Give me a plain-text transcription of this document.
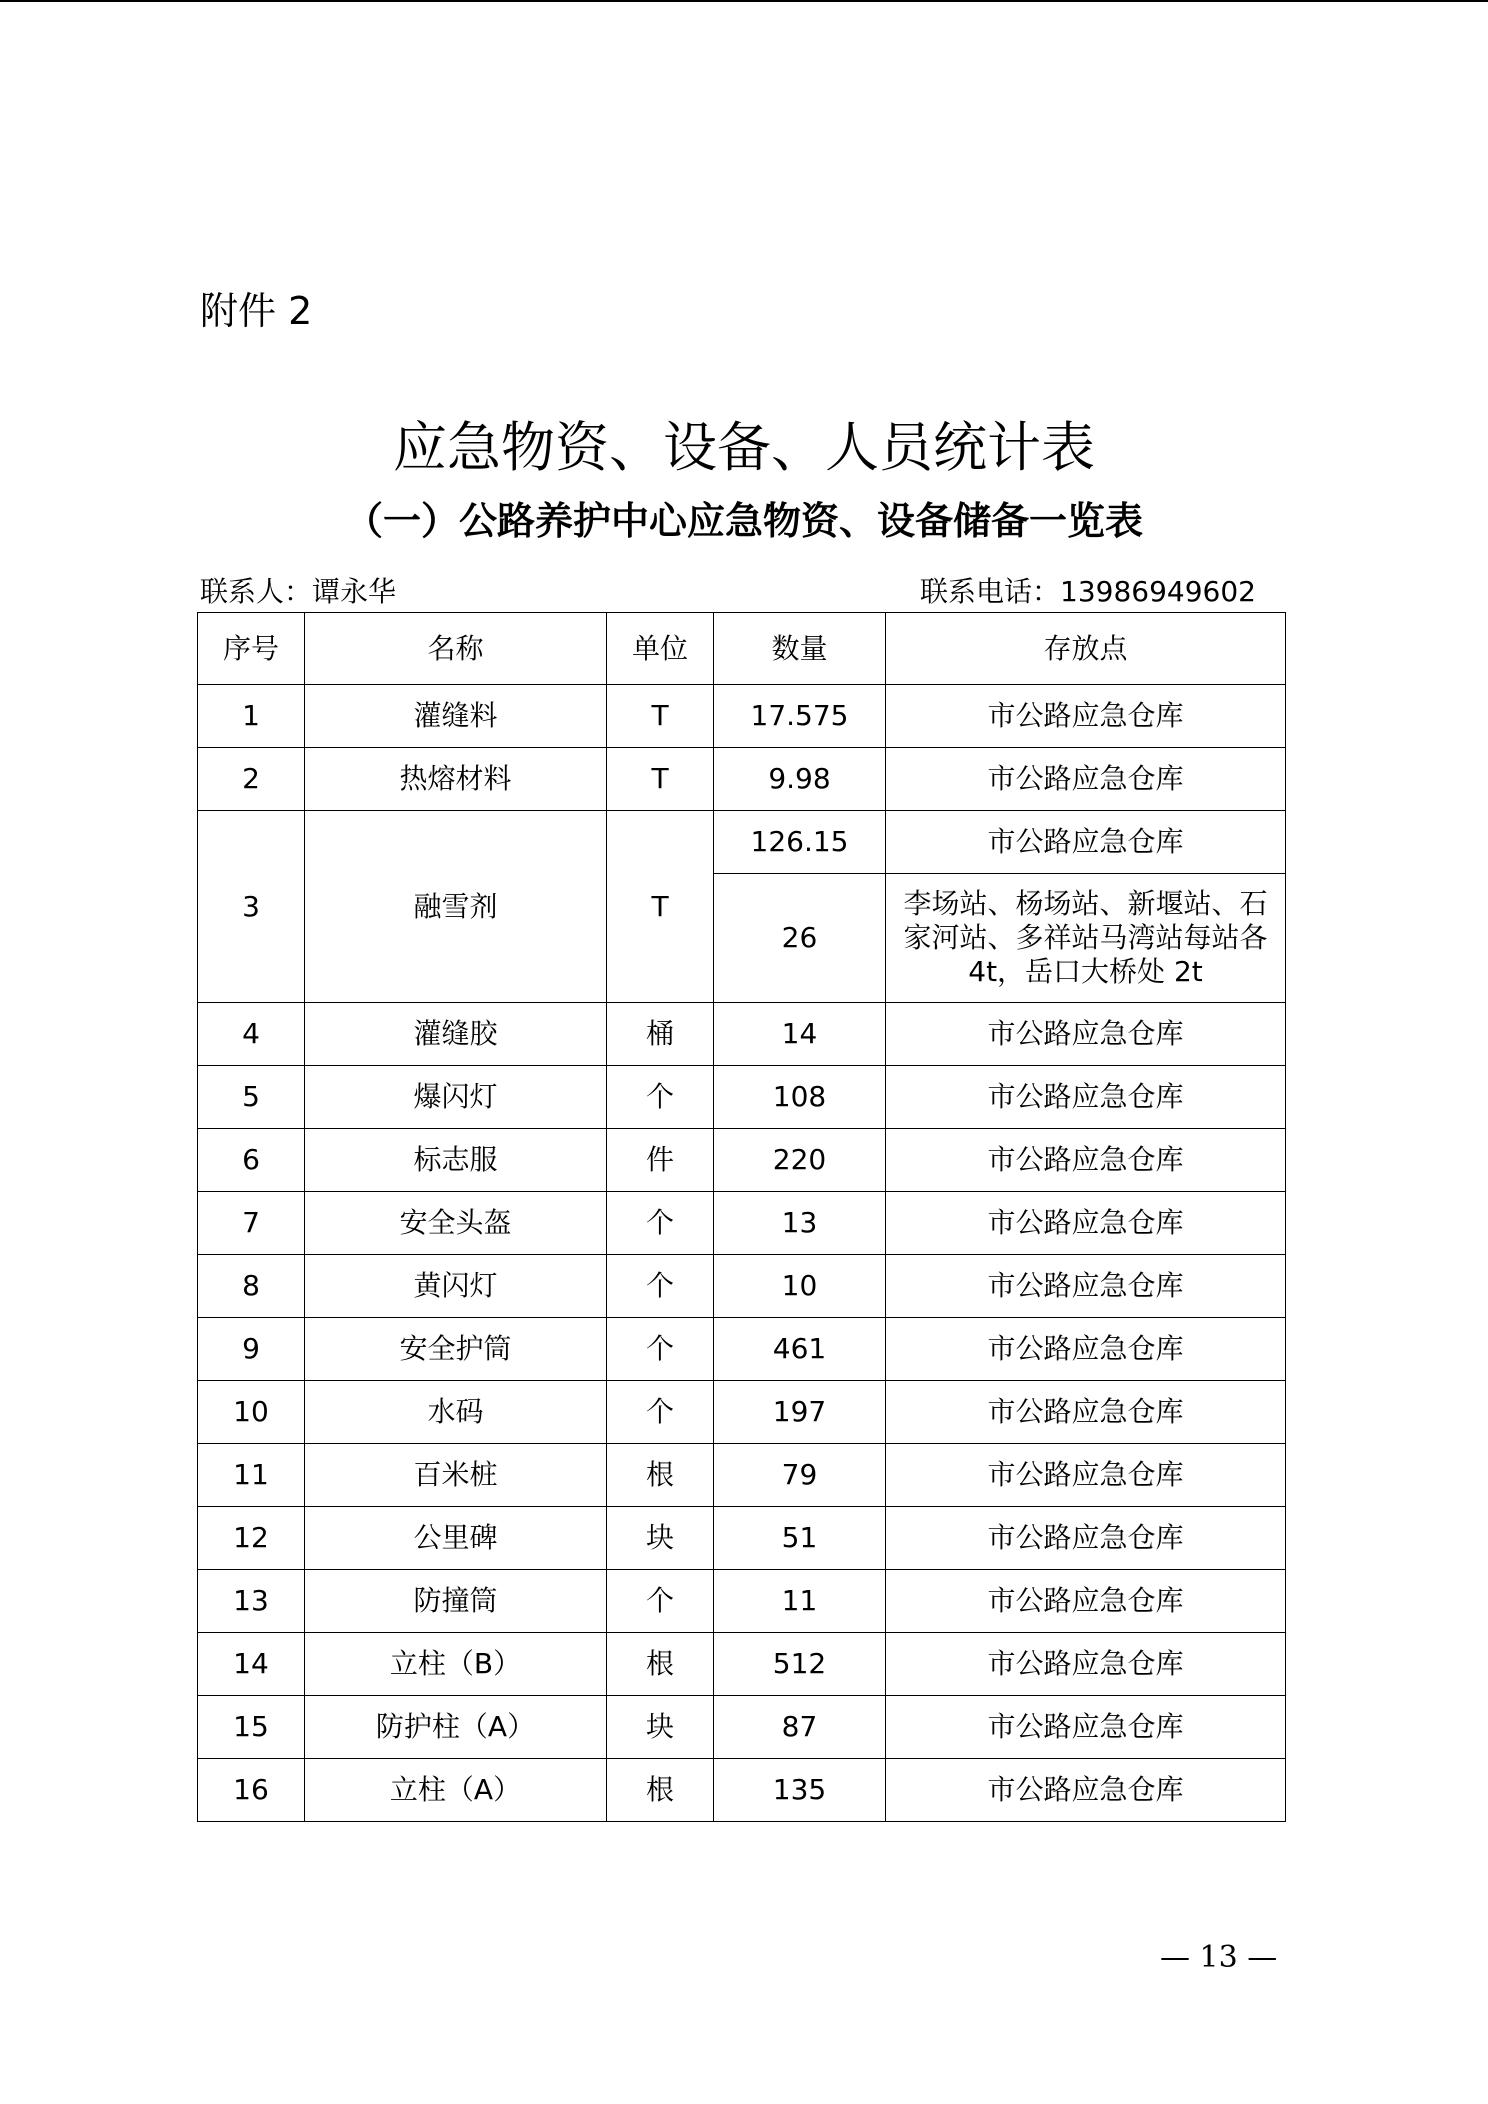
附件 2
应急物资、设备、人员统计表
（一）公路养护中心应急物资、设备储备一览表
联系人：谭永华	联系电话：13986949602
序号	名称	单位	数量	存放点
1	灌缝料	T	17.575	市公路应急仓库
2	热熔材料	T	9.98	市公路应急仓库
3	融雪剂	T	126.15	市公路应急仓库
			26	李场站、杨场站、新堰站、石家河站、多祥站马湾站每站各 4t，岳口大桥处 2t
4	灌缝胶	桶	14	市公路应急仓库
5	爆闪灯	个	108	市公路应急仓库
6	标志服	件	220	市公路应急仓库
7	安全头盔	个	13	市公路应急仓库
8	黄闪灯	个	10	市公路应急仓库
9	安全护筒	个	461	市公路应急仓库
10	水码	个	197	市公路应急仓库
11	百米桩	根	79	市公路应急仓库
12	公里碑	块	51	市公路应急仓库
13	防撞筒	个	11	市公路应急仓库
14	立柱（B）	根	512	市公路应急仓库
15	防护柱（A）	块	87	市公路应急仓库
16	立柱（A）	根	135	市公路应急仓库
— 13 —
